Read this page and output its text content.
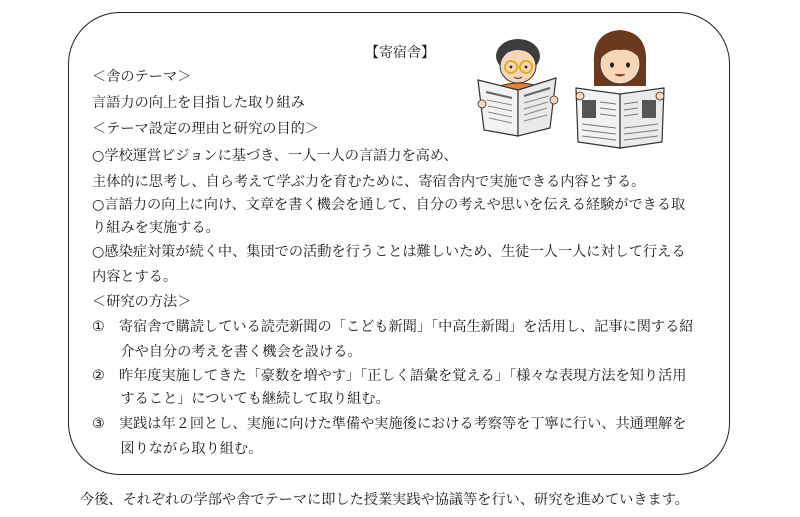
【寄宿舎】
＜舎のテーマ＞
言語力の向上を目指した取り組み
＜テーマ設定の理由と研究の目的＞
○学校運営ビジョンに基づき、一人一人の言語力を高め、
主体的に思考し、自ら考えて学ぶ力を育むために、寄宿舎内で実施できる内容とする。
○言語力の向上に向け、文章を書く機会を通して、自分の考えや思いを伝える経験ができる取
り組みを実施する。
○感染症対策が続く中、集団での活動を行うことは難しいため、生徒一人一人に対して行える
内容とする。
＜研究の方法＞
①　寄宿舎で購読している読売新聞の「こども新聞」「中高生新聞」を活用し、記事に関する紹
　　介や自分の考えを書く機会を設ける。
②　昨年度実施してきた「豪数を増やす」「正しく語彙を覚える」「様々な表現方法を知り活用
　　すること」についても継続して取り組む。
③　実践は年２回とし、実施に向けた準備や実施後における考察等を丁寧に行い、共通理解を
　　図りながら取り組む。
今後、それぞれの学部や舎でテーマに即した授業実践や協議等を行い、研究を進めていきます。
